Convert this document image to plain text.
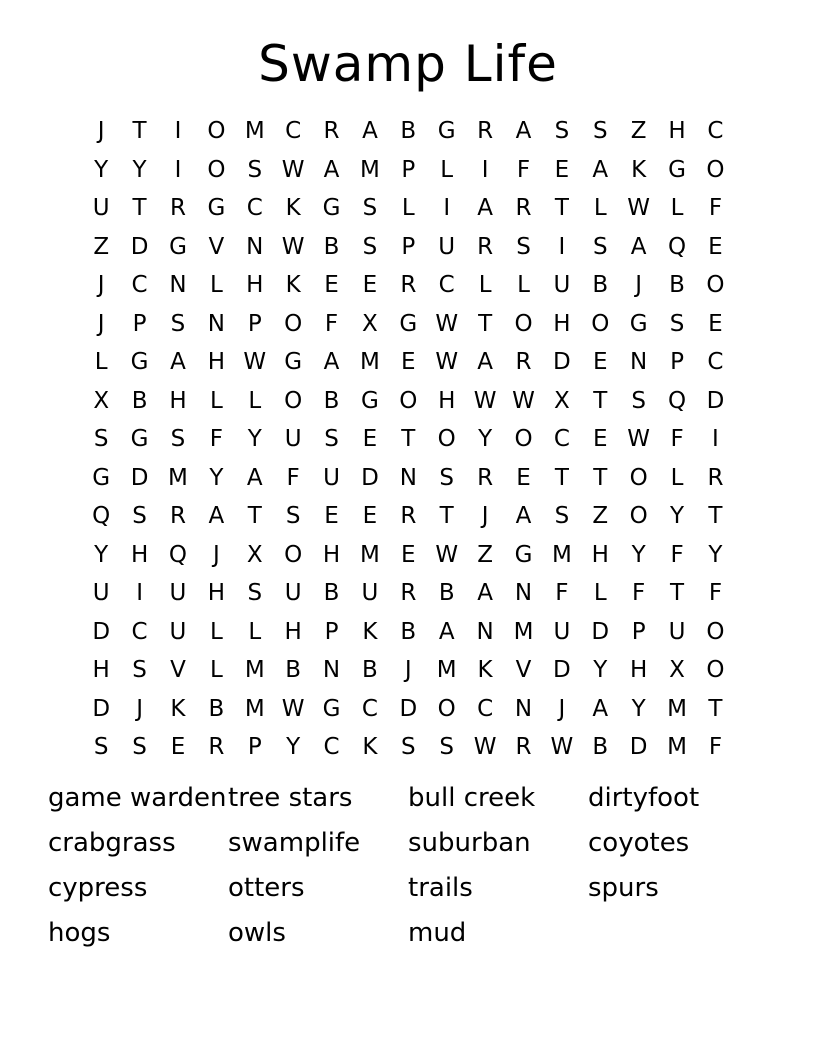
Swamp Life
J	T	I	O M C R A B G R A	S	S	Z H C
Y	Y	I	O S W A M P	L	I	F	E	A K G O
U T	R G C K G S	L	I	A R	T	L W L	F
Z D G V N W B	S	P	U R	S	I	S	A Q E
J	C N	L	H K	E	E	R C	L	L	U B	J	B O
J	P	S N P O F	X G W T O H O G S	E
L	G A H W G A M E W A R D E N P	C
X B H	L	L O B G O H W W X	T	S Q D
S G S	F	Y U S	E	T O Y O C	E W F	I
G D M Y	A	F	U D N S	R	E	T	T O L	R
Q S	R A	T	S	E	E	R	T	J	A	S	Z O Y	T
Y H Q	J	X O H M E W Z G M H Y	F	Y
U	I	U H S U B U R B A N	F	L	F	T	F
D C U	L	L	H P	K B A N M U D P	U O
H S	V	L M B N B	J	M K V D Y H X O
D	J	K B M W G C D O C N	J	A	Y M T
S	S	E	R	P	Y	C K	S	S W R W B D M F
game warden tree stars	bull creek	dirtyfoot
crabgrass	swamplife	suburban	coyotes
cypress	otters	trails	spurs
hogs	owls	mud
